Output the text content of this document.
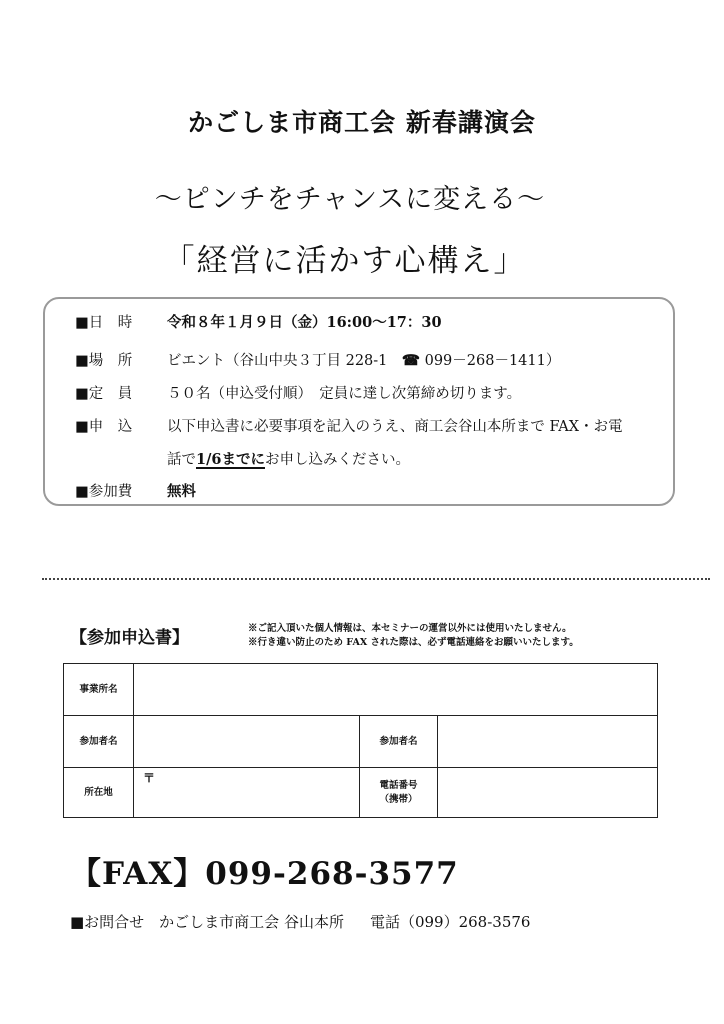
かごしま市商工会 新春講演会
～ピンチをチャンスに変える～
「経営に活かす心構え」
■日　時 令和８年１月９日（金）16:00～17：30
■場　所 ビエント（谷山中央３丁目 228-1　☎ 099－268－1411）
■定　員 ５０名（申込受付順）　定員に達し次第締め切ります。
■申　込 以下申込書に必要事項を記入のうえ、商工会谷山本所まで FAX・お電
話で1/6までにお申し込みください。
■参加費 無料
【参加申込書】	※ご記入頂いた個人情報は、本セミナーの運営以外には使用いたしません。
※行き違い防止のため FAX された際は、必ず電話連絡をお願いいたします。
事業所名			
参加者名		参加者名	
所在地	〒	電話番号
（携帯）	

【FAX】099-268-3577
■お問合せ　かごしま市商工会 谷山本所 電話（099）268-3576
